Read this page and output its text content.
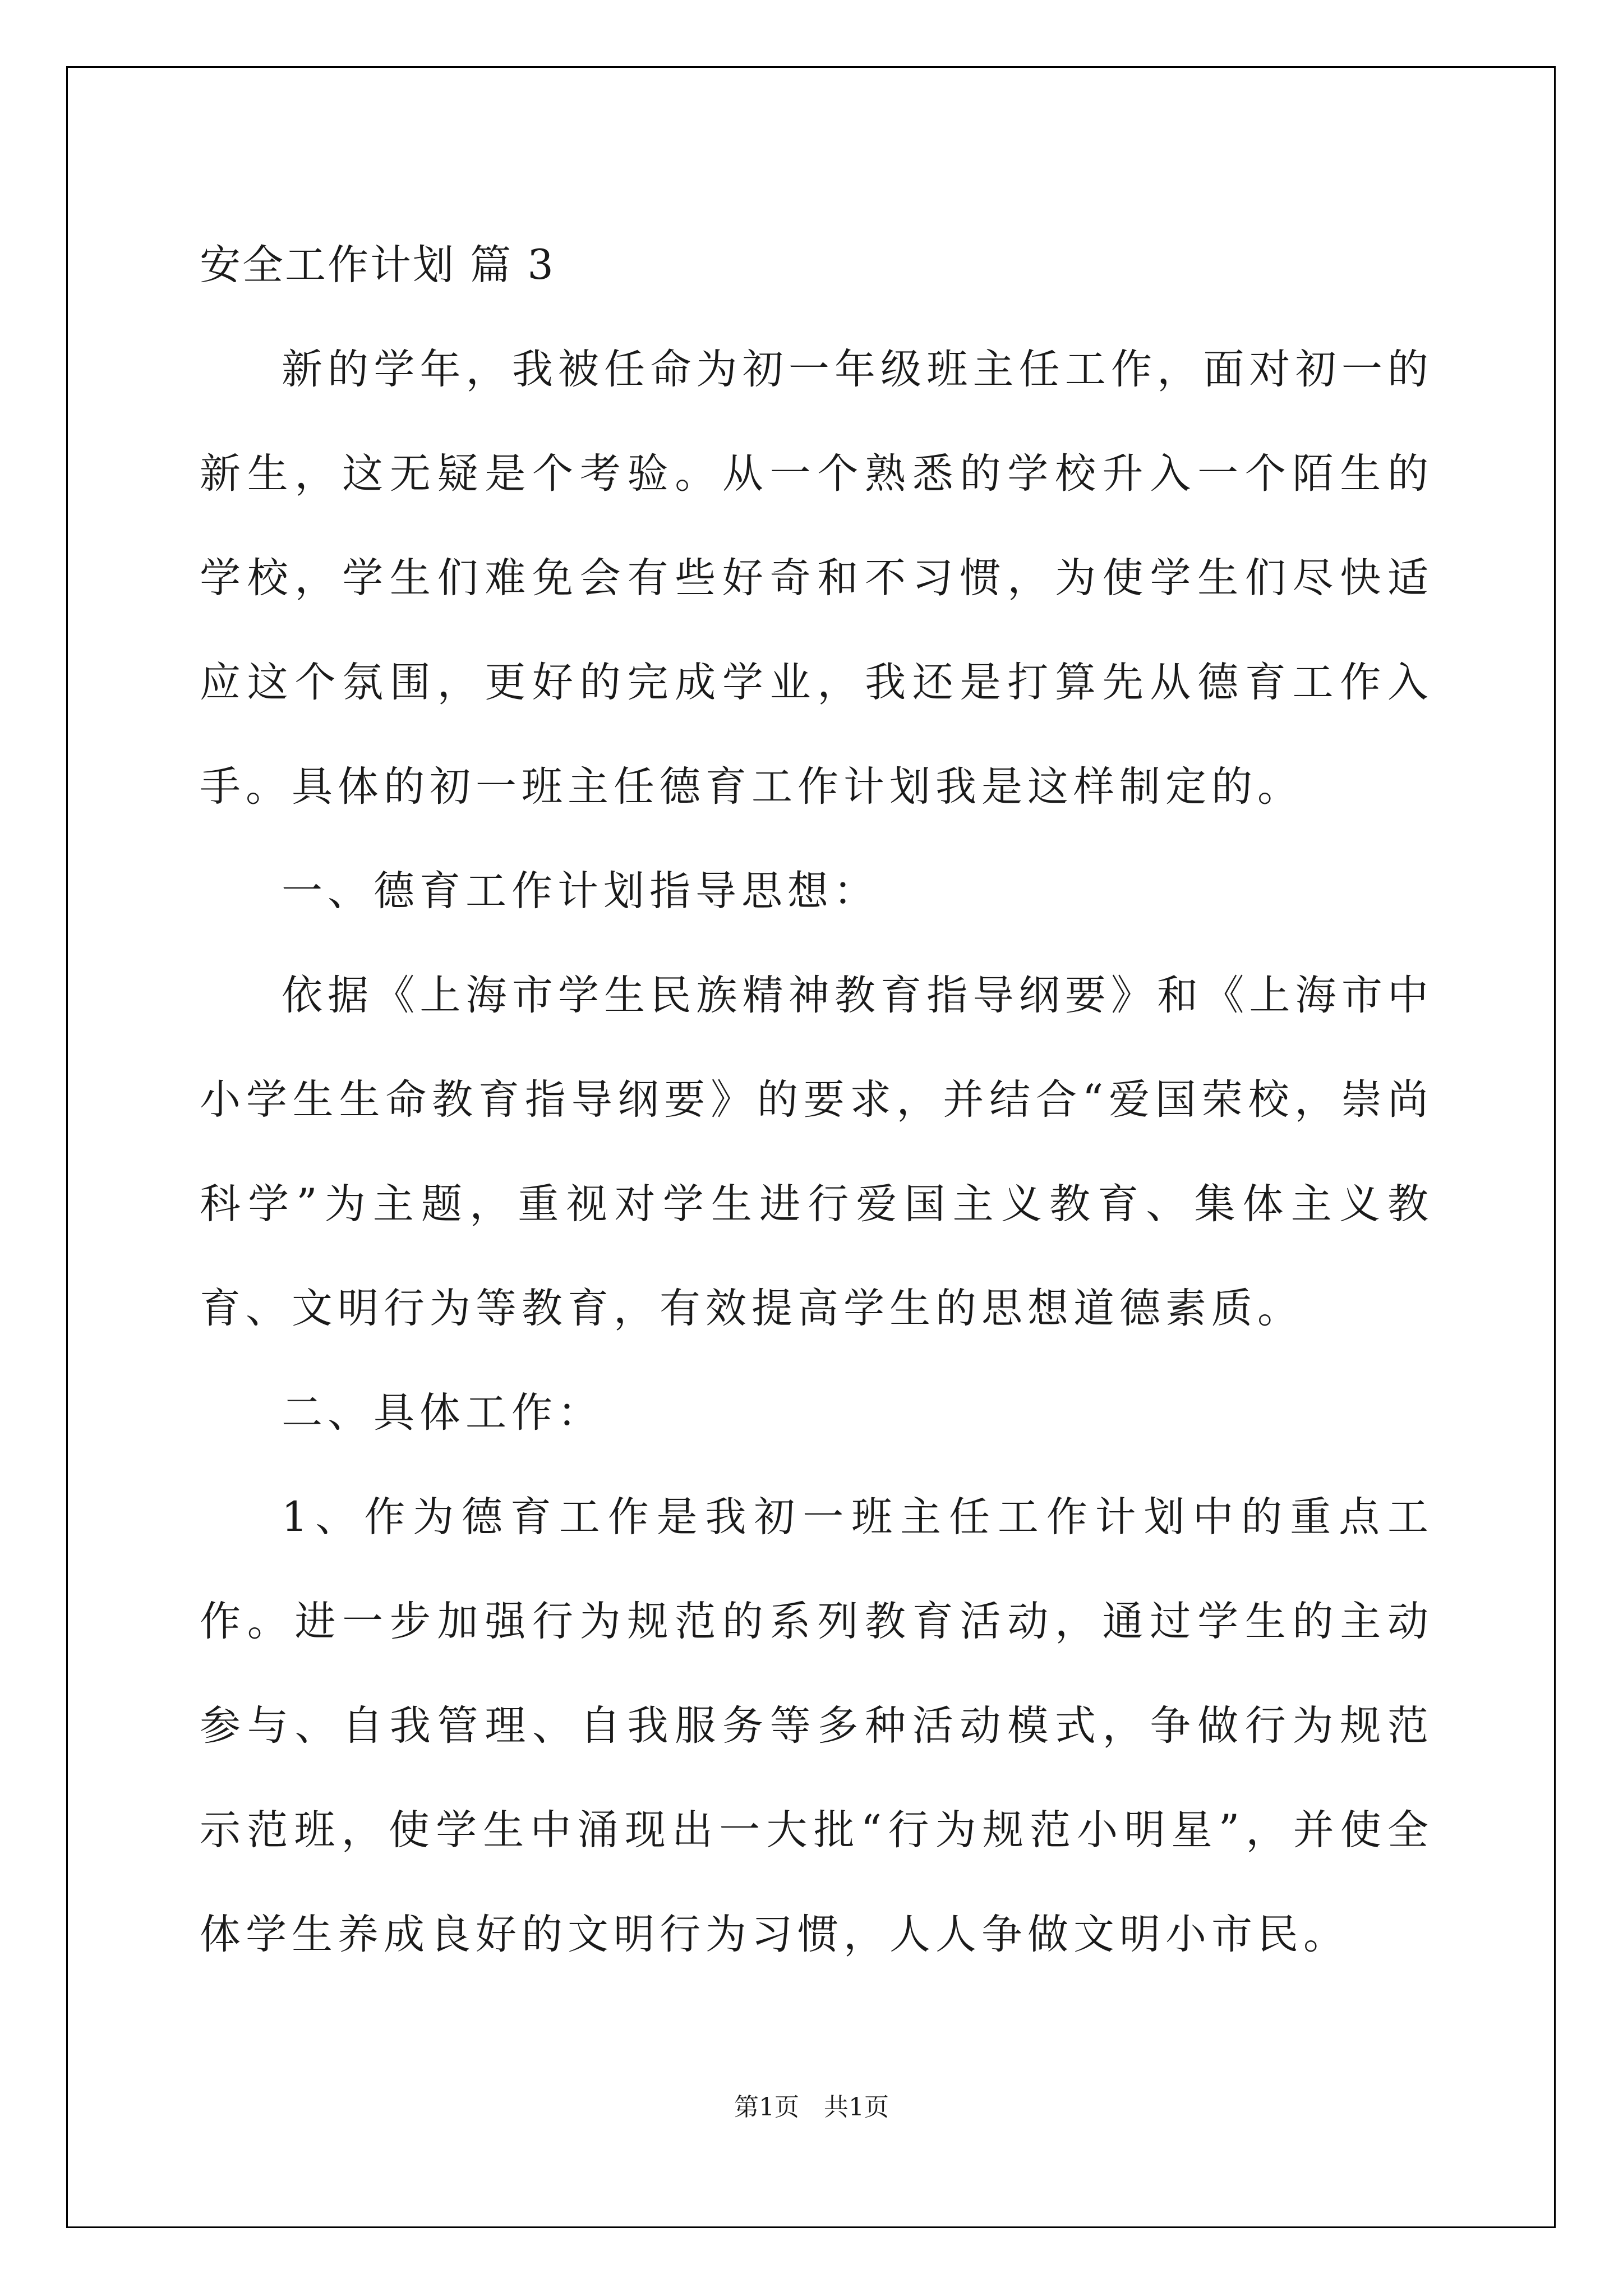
安全工作计划 篇 3

新的学年，我被任命为初一年级班主任工作，面对初一的新生，这无疑是个考验。从一个熟悉的学校升入一个陌生的学校，学生们难免会有些好奇和不习惯，为使学生们尽快适应这个氛围，更好的完成学业，我还是打算先从德育工作入手。具体的初一班主任德育工作计划我是这样制定的。

一、德育工作计划指导思想：

依据《上海市学生民族精神教育指导纲要》和《上海市中小学生生命教育指导纲要》的要求，并结合“爱国荣校，崇尚科学”为主题，重视对学生进行爱国主义教育、集体主义教育、文明行为等教育，有效提高学生的思想道德素质。

二、具体工作：

1、作为德育工作是我初一班主任工作计划中的重点工作。进一步加强行为规范的系列教育活动，通过学生的主动参与、自我管理、自我服务等多种活动模式，争做行为规范示范班，使学生中涌现出一大批“行为规范小明星”，并使全体学生养成良好的文明行为习惯，人人争做文明小市民。

第1页 共1页
